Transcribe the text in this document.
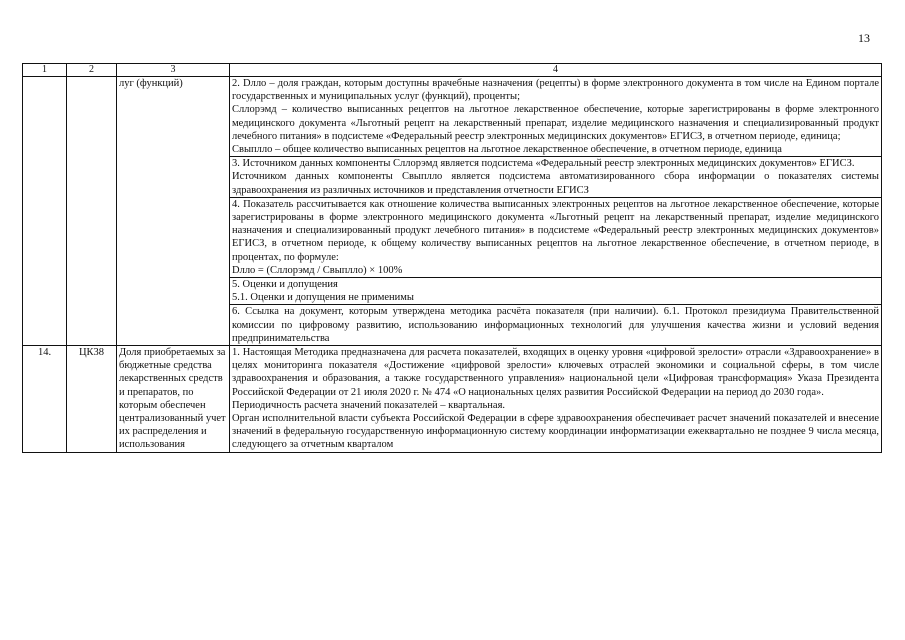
13
1	2	3	4

		луг (функций)	2. Dлло – доля граждан, которым доступны врачебные назначения (рецепты) в форме электронного документа в том числе на Едином портале государственных и муниципальных услуг (функций), проценты;
Сллорэмд – количество выписанных рецептов на льготное лекарственное обеспечение, которые зарегистрированы в форме электронного медицинского документа «Льготный рецепт на лекарственный препарат, изделие медицинского назначения и специализированный продукт лечебного питания» в подсистеме «Федеральный реестр электронных медицинских документов» ЕГИСЗ, в отчетном периоде, единица;
Свыплло – общее количество выписанных рецептов на льготное лекарственное обеспечение, в отчетном периоде, единица

			3. Источником данных компоненты Сллорэмд является подсистема «Федеральный реестр электронных медицинских документов» ЕГИСЗ.
Источником данных компоненты Свыплло является подсистема автоматизированного сбора информации о показателях системы здравоохранения из различных источников и представления отчетности ЕГИСЗ

			4. Показатель рассчитывается как отношение количества выписанных электронных рецептов на льготное лекарственное обеспечение, которые зарегистрированы в форме электронного медицинского документа «Льготный рецепт на лекарственный препарат, изделие медицинского назначения и специализированный продукт лечебного питания» в подсистеме «Федеральный реестр электронных медицинских документов» ЕГИСЗ, в отчетном периоде, к общему количеству выписанных рецептов на льготное лекарственное обеспечение, в отчетном периоде, в процентах, по формуле:
Dлло = (Сллорэмд / Свыплло) × 100%

			5. Оценки и допущения
5.1. Оценки и допущения не применимы

			6. Ссылка на документ, которым утверждена методика расчёта показателя (при наличии). 6.1. Протокол президиума Правительственной комиссии по цифровому развитию, использованию информационных технологий для улучшения качества жизни и условий ведения предпринимательства

14.	ЦК38	Доля приобретаемых за бюджетные средства лекарственных средств и препаратов, по которым обеспечен централизованный учет их распределения и использования	1. Настоящая Методика предназначена для расчета показателей, входящих в оценку уровня «цифровой зрелости» отрасли «Здравоохранение» в целях мониторинга показателя «Достижение «цифровой зрелости» ключевых отраслей экономики и социальной сферы, в том числе здравоохранения и образования, а также государственного управления» национальной цели «Цифровая трансформация» Указа Президента Российской Федерации от 21 июля 2020 г. № 474 «О национальных целях развития Российской Федерации на период до 2030 года».
Периодичность расчета значений показателей – квартальная.
Орган исполнительной власти субъекта Российской Федерации в сфере здравоохранения обеспечивает расчет значений показателей и внесение значений в федеральную государственную информационную систему координации информатизации ежеквартально не позднее 9 числа месяца, следующего за отчетным кварталом
